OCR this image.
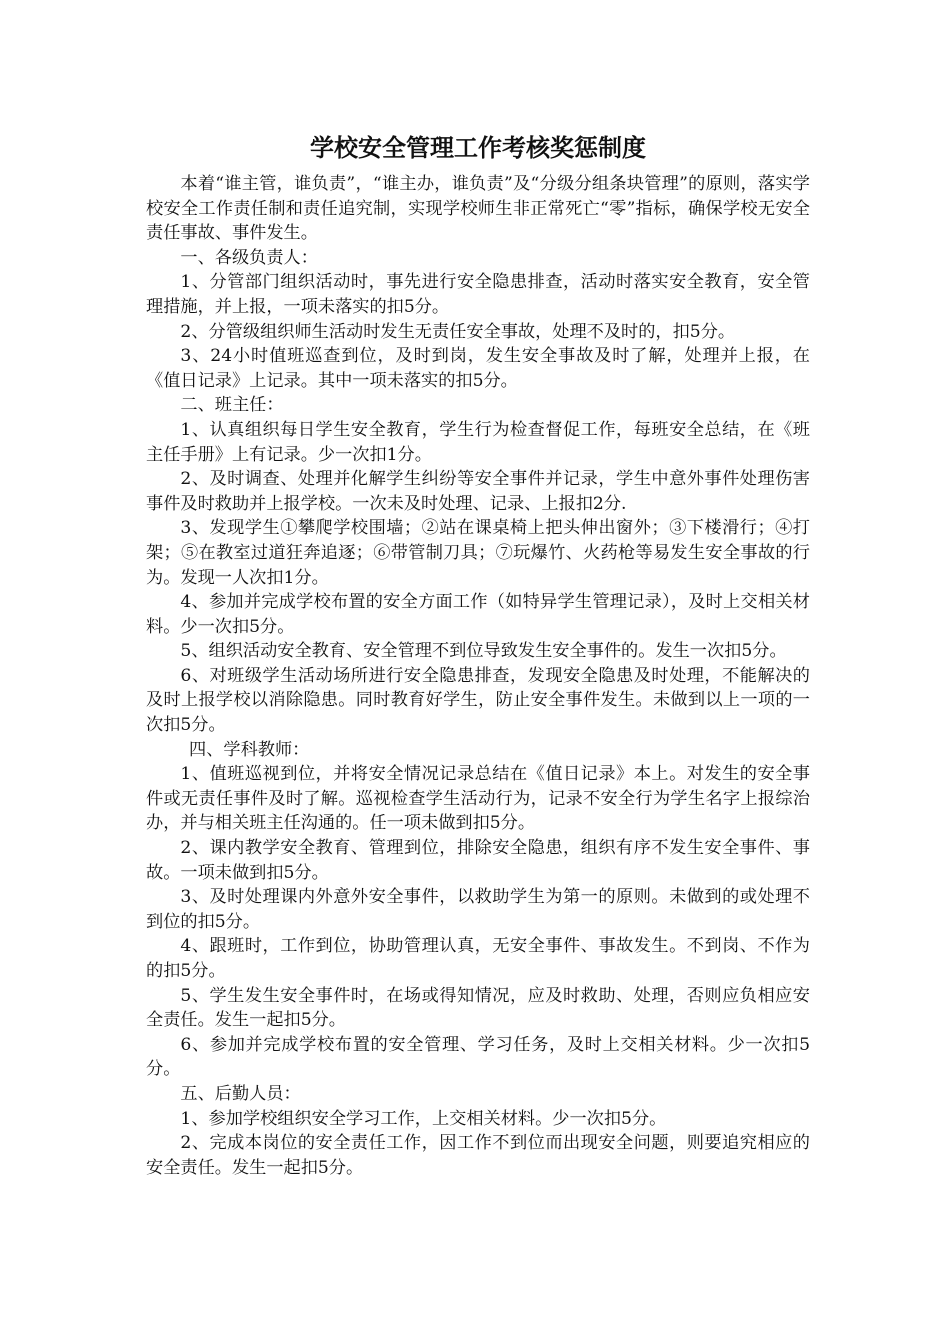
学校安全管理工作考核奖惩制度

本着“谁主管，谁负责”，“谁主办，谁负责”及“分级分组条块管理”的原则，落实学校安全工作责任制和责任追究制，实现学校师生非正常死亡“零”指标，确保学校无安全责任事故、事件发生。

一、各级负责人：

1、分管部门组织活动时，事先进行安全隐患排查，活动时落实安全教育，安全管理措施，并上报，一项未落实的扣5分。

2、分管级组织师生活动时发生无责任安全事故，处理不及时的，扣5分。

3、24小时值班巡查到位，及时到岗，发生安全事故及时了解，处理并上报，在《值日记录》上记录。其中一项未落实的扣5分。

二、班主任：

1、认真组织每日学生安全教育，学生行为检查督促工作，每班安全总结，在《班主任手册》上有记录。少一次扣1分。

2、及时调查、处理并化解学生纠纷等安全事件并记录，学生中意外事件处理伤害事件及时救助并上报学校。一次未及时处理、记录、上报扣2分.

3、发现学生①攀爬学校围墙；②站在课桌椅上把头伸出窗外；③下楼滑行；④打架；⑤在教室过道狂奔追逐；⑥带管制刀具；⑦玩爆竹、火药枪等易发生安全事故的行为。发现一人次扣1分。

4、参加并完成学校布置的安全方面工作（如特异学生管理记录），及时上交相关材料。少一次扣5分。

5、组织活动安全教育、安全管理不到位导致发生安全事件的。发生一次扣5分。

6、对班级学生活动场所进行安全隐患排查，发现安全隐患及时处理，不能解决的及时上报学校以消除隐患。同时教育好学生，防止安全事件发生。未做到以上一项的一次扣5分。

四、学科教师：

1、值班巡视到位，并将安全情况记录总结在《值日记录》本上。对发生的安全事件或无责任事件及时了解。巡视检查学生活动行为，记录不安全行为学生名字上报综治办，并与相关班主任沟通的。任一项未做到扣5分。

2、课内教学安全教育、管理到位，排除安全隐患，组织有序不发生安全事件、事故。一项未做到扣5分。

3、及时处理课内外意外安全事件，以救助学生为第一的原则。未做到的或处理不到位的扣5分。

4、跟班时，工作到位，协助管理认真，无安全事件、事故发生。不到岗、不作为的扣5分。

5、学生发生安全事件时，在场或得知情况，应及时救助、处理，否则应负相应安全责任。发生一起扣5分。

6、参加并完成学校布置的安全管理、学习任务，及时上交相关材料。少一次扣5分。

五、后勤人员：

1、参加学校组织安全学习工作，上交相关材料。少一次扣5分。

2、完成本岗位的安全责任工作，因工作不到位而出现安全问题，则要追究相应的安全责任。发生一起扣5分。
